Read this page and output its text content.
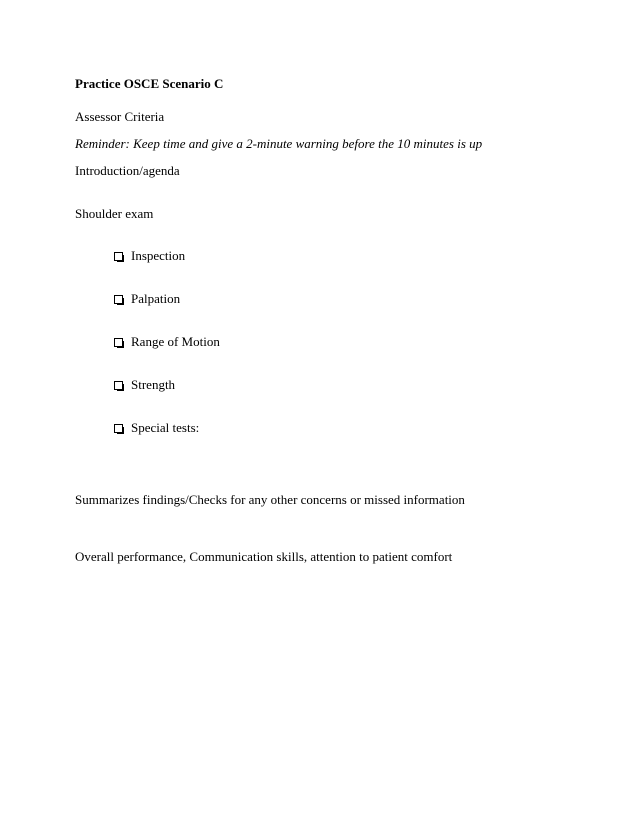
Practice OSCE Scenario C
Assessor Criteria
Reminder: Keep time and give a 2-minute warning before the 10 minutes is up
Introduction/agenda
Shoulder exam
Inspection
Palpation
Range of Motion
Strength
Special tests:
Summarizes findings/Checks for any other concerns or missed information
Overall performance, Communication skills, attention to patient comfort
